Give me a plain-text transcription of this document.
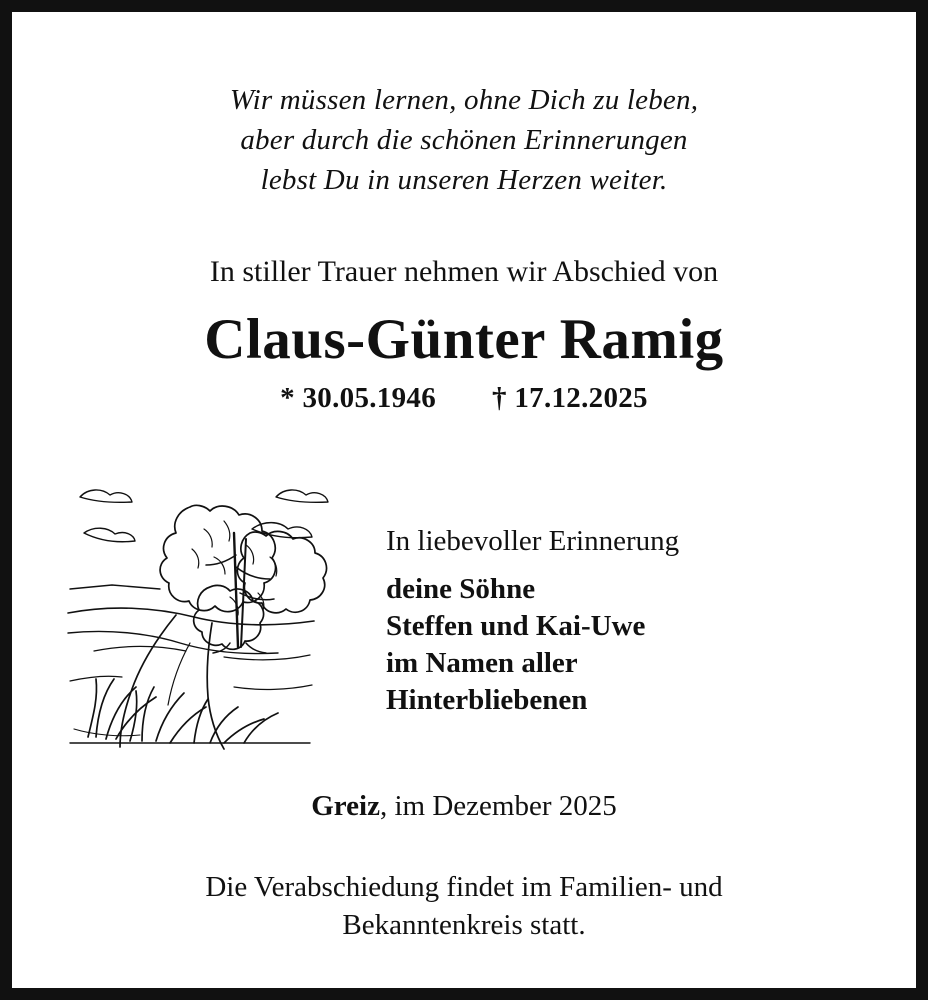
Wir müssen lernen, ohne Dich zu leben,
aber durch die schönen Erinnerungen
lebst Du in unseren Herzen weiter.
In stiller Trauer nehmen wir Abschied von
Claus-Günter Ramig
* 30.05.1946 † 17.12.2025
In liebevoller Erinnerung
deine Söhne
Steffen und Kai-Uwe
im Namen aller
Hinterbliebenen
Greiz, im Dezember 2025
Die Verabschiedung findet im Familien- und
Bekanntenkreis statt.
